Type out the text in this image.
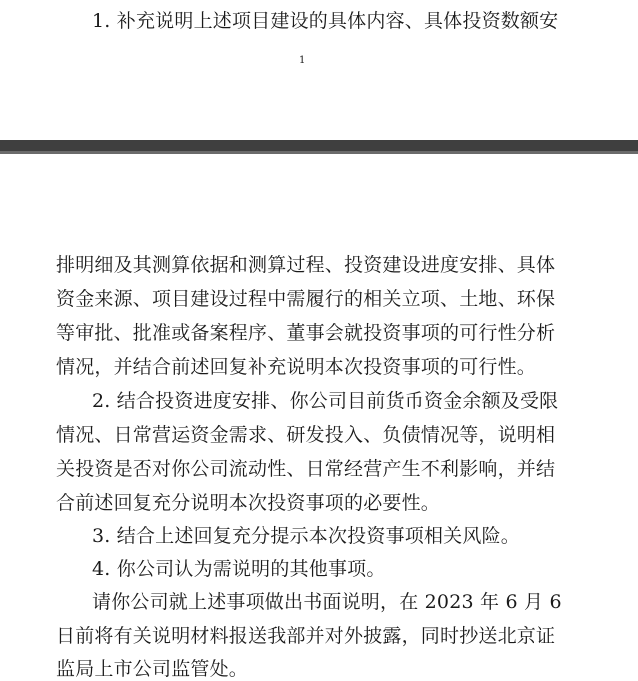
1. 补充说明上述项目建设的具体内容、具体投资数额安
1
排明细及其测算依据和测算过程、投资建设进度安排、具体
资金来源、项目建设过程中需履行的相关立项、土地、环保
等审批、批准或备案程序、董事会就投资事项的可行性分析
情况，并结合前述回复补充说明本次投资事项的可行性。
2. 结合投资进度安排、你公司目前货币资金余额及受限
情况、日常营运资金需求、研发投入、负债情况等，说明相
关投资是否对你公司流动性、日常经营产生不利影响，并结
合前述回复充分说明本次投资事项的必要性。
3. 结合上述回复充分提示本次投资事项相关风险。
4. 你公司认为需说明的其他事项。
请你公司就上述事项做出书面说明，在 2023 年 6 月 6
日前将有关说明材料报送我部并对外披露，同时抄送北京证
监局上市公司监管处。
